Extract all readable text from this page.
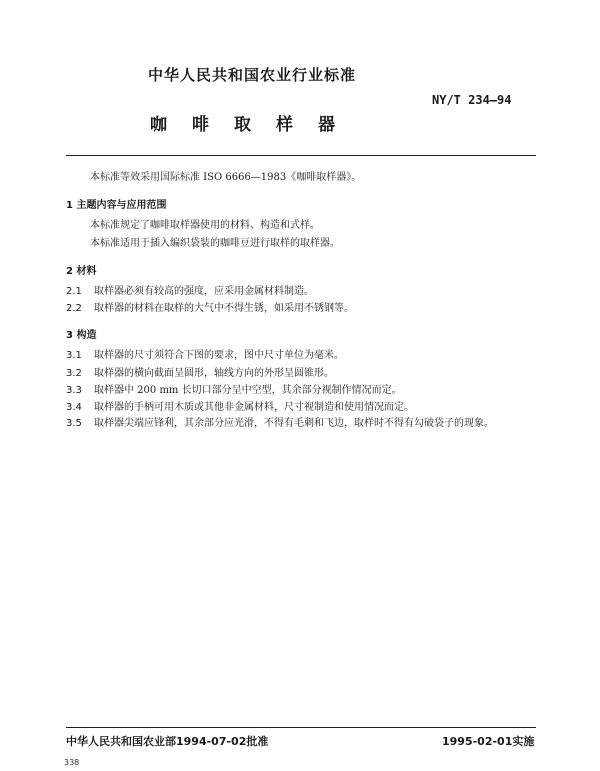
中华人民共和国农业行业标准
NY/T 234—94
咖啡取样器
本标准等效采用国际标准 ISO 6666—1983《咖啡取样器》。
1 主题内容与应用范围
本标准规定了咖啡取样器使用的材料、构造和式样。
本标准适用于插入编织袋装的咖啡豆进行取样的取样器。
2 材料
2.1 取样器必须有较高的强度，应采用金属材料制造。
2.2 取样器的材料在取样的大气中不得生锈，如采用不锈钢等。
3 构造
3.1 取样器的尺寸须符合下图的要求，图中尺寸单位为毫米。
3.2 取样器的横向截面呈圆形，轴线方向的外形呈圆锥形。
3.3 取样器中 200 mm 长切口部分呈中空型，其余部分视制作情况而定。
3.4 取样器的手柄可用木质或其他非金属材料，尺寸视制造和使用情况而定。
3.5 取样器尖端应锋利，其余部分应光滑，不得有毛刺和飞边，取样时不得有勾破袋子的现象。
中华人民共和国农业部1994-07-02批准	1995-02-01实施
338
